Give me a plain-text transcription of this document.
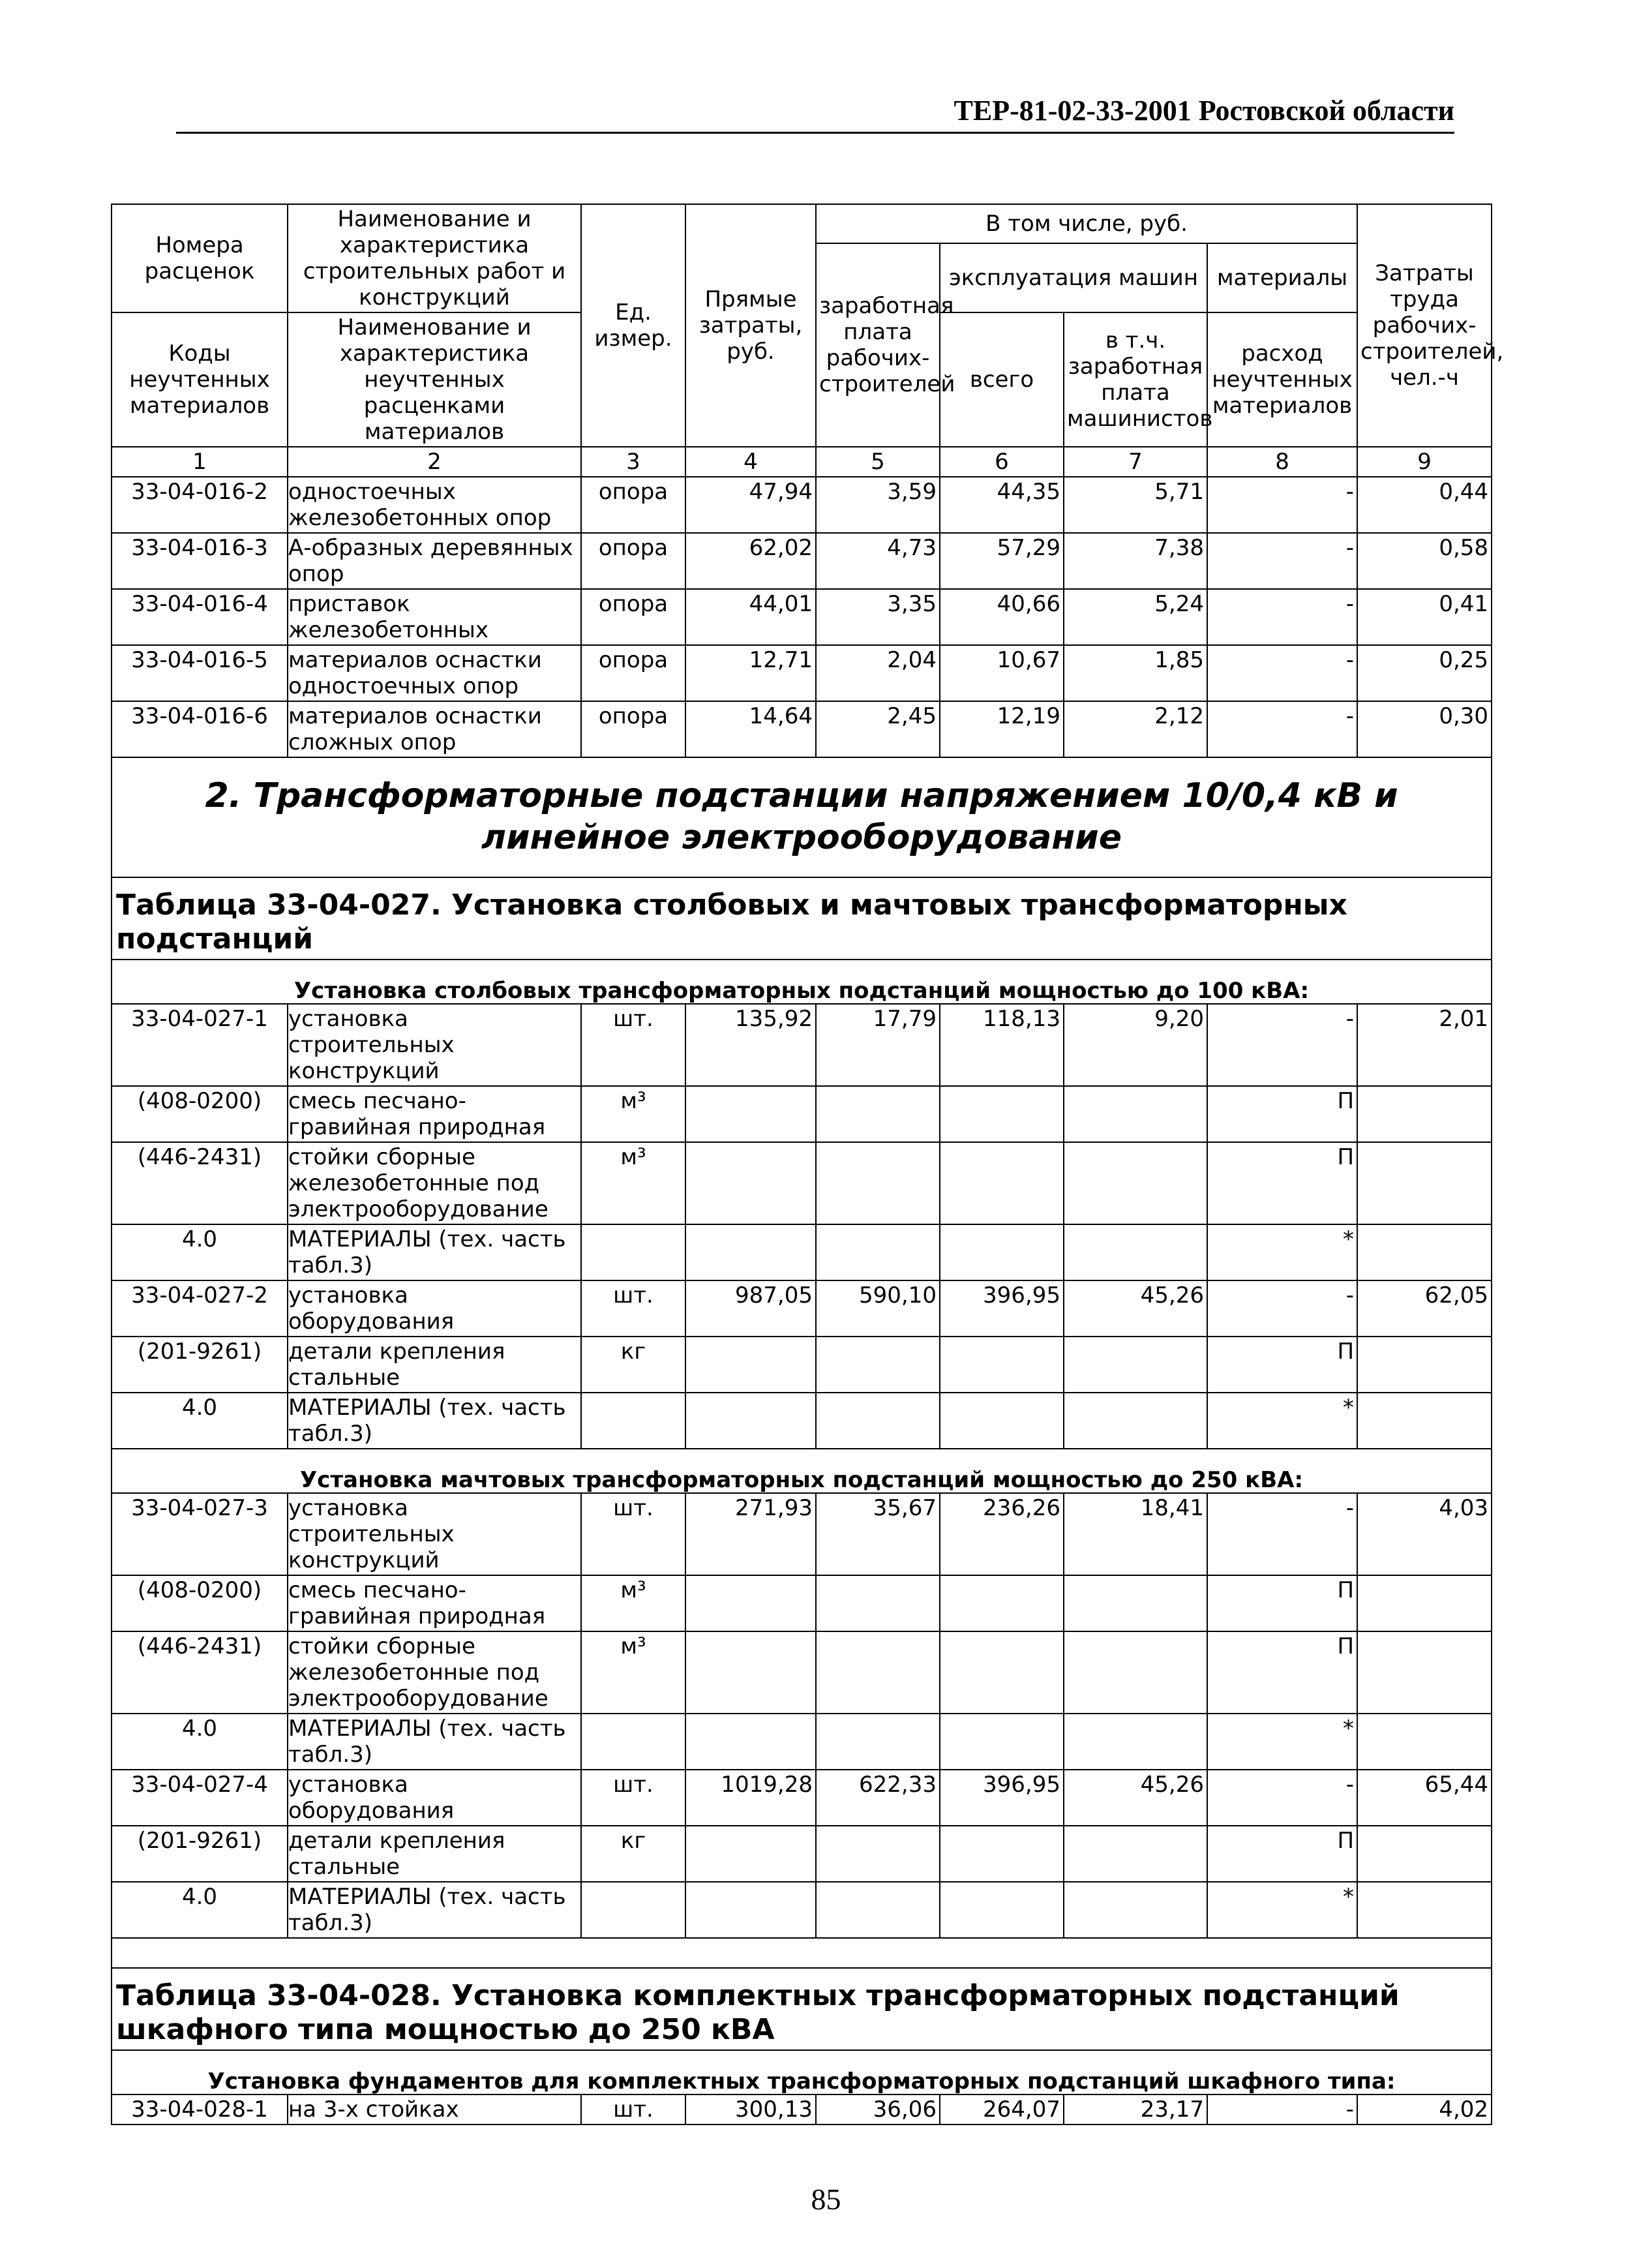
ТЕР-81-02-33-2001 Ростовской области
Номера расценок	Наименование и характеристика строительных работ и конструкций	Ед. измер.	Прямые затраты, руб.	В том числе, руб.				Затраты труда рабочих-строителей, чел.-ч
				заработная плата рабочих-строителей	эксплуатация машин		материалы	
Коды неучтенных материалов	Наименование и характеристика неучтенных расценками материалов				всего	в т.ч. заработная плата машинистов	расход неучтенных материалов	

1	2	3	4	5	6	7	8	9
33-04-016-2	одностоечных железобетонных опор	опора	47,94	3,59	44,35	5,71	-	0,44
33-04-016-3	А-образных деревянных опор	опора	62,02	4,73	57,29	7,38	-	0,58
33-04-016-4	приставок железобетонных	опора	44,01	3,35	40,66	5,24	-	0,41
33-04-016-5	материалов оснастки одностоечных опор	опора	12,71	2,04	10,67	1,85	-	0,25
33-04-016-6	материалов оснастки сложных опор	опора	14,64	2,45	12,19	2,12	-	0,30
2. Трансформаторные подстанции напряжением 10/0,4 кВ и линейное электрооборудование								
Таблица 33-04-027. Установка столбовых и мачтовых трансформаторных подстанций								
Установка столбовых трансформаторных подстанций мощностью до 100 кВА:								
33-04-027-1	установка строительных конструкций	шт.	135,92	17,79	118,13	9,20	-	2,01
(408-0200)	смесь песчано-гравийная природная	м³					П	
(446-2431)	стойки сборные железобетонные под электрооборудование	м³					П	
4.0	МАТЕРИАЛЫ (тех. часть табл.3)						*	
33-04-027-2	установка оборудования	шт.	987,05	590,10	396,95	45,26	-	62,05
(201-9261)	детали крепления стальные	кг					П	
4.0	МАТЕРИАЛЫ (тех. часть табл.3)						*	
Установка мачтовых трансформаторных подстанций мощностью до 250 кВА:								
33-04-027-3	установка строительных конструкций	шт.	271,93	35,67	236,26	18,41	-	4,03
(408-0200)	смесь песчано-гравийная природная	м³					П	
(446-2431)	стойки сборные железобетонные под электрооборудование	м³					П	
4.0	МАТЕРИАЛЫ (тех. часть табл.3)						*	
33-04-027-4	установка оборудования	шт.	1019,28	622,33	396,95	45,26	-	65,44
(201-9261)	детали крепления стальные	кг					П	
4.0	МАТЕРИАЛЫ (тех. часть табл.3)						*	

Таблица 33-04-028. Установка комплектных трансформаторных подстанций шкафного типа мощностью до 250 кВА								
Установка фундаментов для комплектных трансформаторных подстанций шкафного типа:								
33-04-028-1	на 3-х стойках	шт.	300,13	36,06	264,07	23,17	-	4,02
85
